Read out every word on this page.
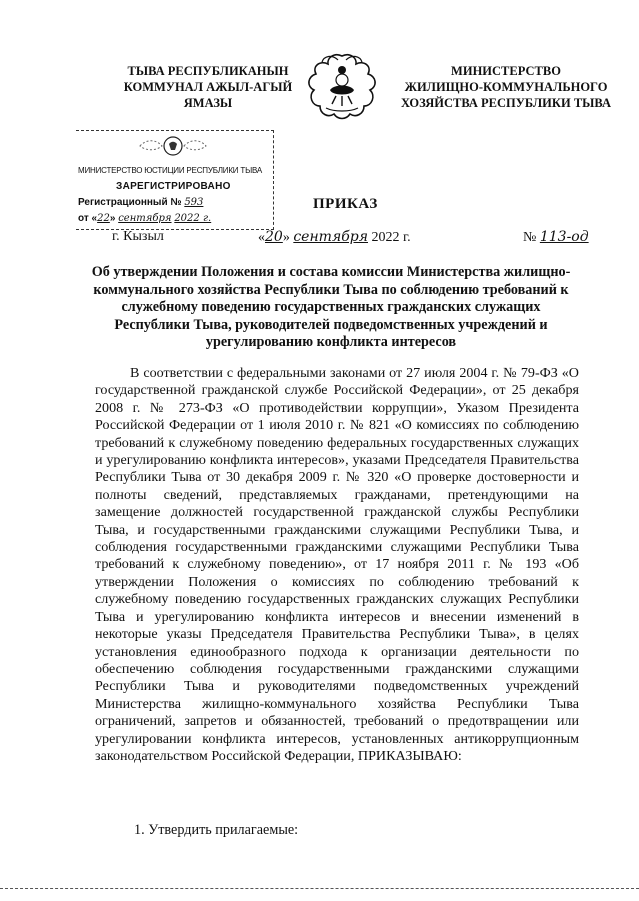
ТЫВА РЕСПУБЛИКАНЫН
КОММУНАЛ АЖЫЛ-АГЫЙ
ЯМАЗЫ
МИНИСТЕРСТВО
ЖИЛИЩНО-КОММУНАЛЬНОГО
ХОЗЯЙСТВА РЕСПУБЛИКИ ТЫВА
МИНИСТЕРСТВО ЮСТИЦИИ РЕСПУБЛИКИ ТЫВА
ЗАРЕГИСТРИРОВАНО
Регистрационный № 593
от «22» сентября 2022 г.
ПРИКАЗ
г. Кызыл	«20» сентября 2022 г.	№ 113-од
Об утверждении Положения и состава комиссии Министерства жилищно-коммунального хозяйства Республики Тыва по соблюдению требований к служебному поведению государственных гражданских служащих Республики Тыва, руководителей подведомственных учреждений и урегулированию конфликта интересов
В соответствии с федеральными законами от 27 июля 2004 г. № 79-ФЗ «О государственной гражданской службе Российской Федерации», от 25 декабря 2008 г. № 273-ФЗ «О противодействии коррупции», Указом Президента Российской Федерации от 1 июля 2010 г. № 821 «О комиссиях по соблюдению требований к служебному поведению федеральных государственных служащих и урегулированию конфликта интересов», указами Председателя Правительства Республики Тыва от 30 декабря 2009 г. № 320 «О проверке достоверности и полноты сведений, представляемых гражданами, претендующими на замещение должностей государственной гражданской службы Республики Тыва, и государственными гражданскими служащими Республики Тыва, и соблюдения государственными гражданскими служащими Республики Тыва требований к служебному поведению», от 17 ноября 2011 г. № 193 «Об утверждении Положения о комиссиях по соблюдению требований к служебному поведению государственных гражданских служащих Республики Тыва и урегулированию конфликта интересов и внесении изменений в некоторые указы Председателя Правительства Республики Тыва», в целях установления единообразного подхода к организации деятельности по обеспечению соблюдения государственными гражданскими служащими Республики Тыва и руководителями подведомственных учреждений Министерства жилищно-коммунального хозяйства Республики Тыва ограничений, запретов и обязанностей, требований о предотвращении или урегулировании конфликта интересов, установленных антикоррупционным законодательством Российской Федерации, ПРИКАЗЫВАЮ:
1. Утвердить прилагаемые:
